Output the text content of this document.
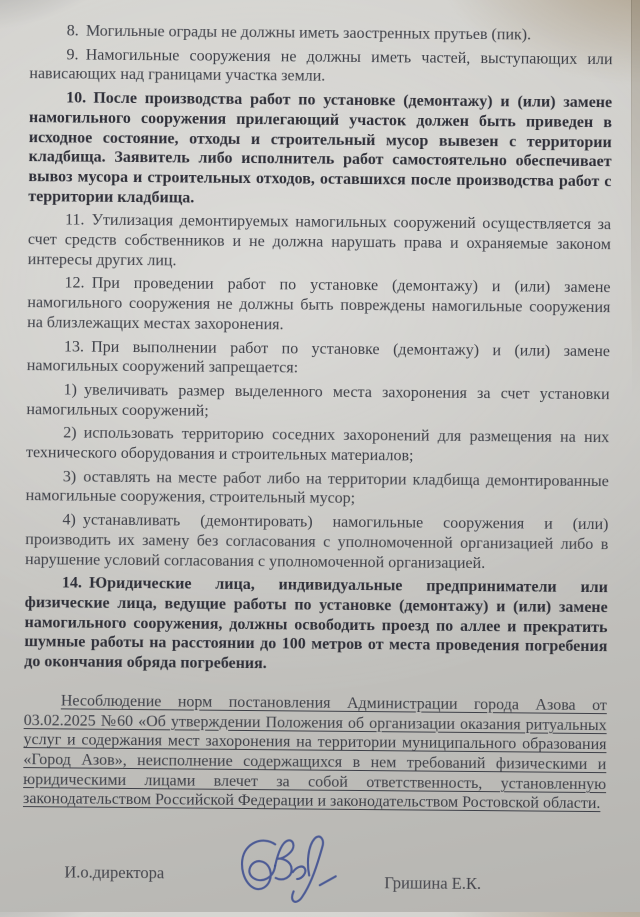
8. Могильные ограды не должны иметь заостренных прутьев (пик).

9. Намогильные сооружения не должны иметь частей, выступающих или нависающих над границами участка земли.

10. После производства работ по установке (демонтажу) и (или) замене намогильного сооружения прилегающий участок должен быть приведен в исходное состояние, отходы и строительный мусор вывезен с территории кладбища. Заявитель либо исполнитель работ самостоятельно обеспечивает вывоз мусора и строительных отходов, оставшихся после производства работ с территории кладбища.

11. Утилизация демонтируемых намогильных сооружений осуществляется за счет средств собственников и не должна нарушать права и охраняемые законом интересы других лиц.

12. При проведении работ по установке (демонтажу) и (или) замене намогильного сооружения не должны быть повреждены намогильные сооружения на близлежащих местах захоронения.

13. При выполнении работ по установке (демонтажу) и (или) замене намогильных сооружений запрещается:

1) увеличивать размер выделенного места захоронения за счет установки намогильных сооружений;

2) использовать территорию соседних захоронений для размещения на них технического оборудования и строительных материалов;

3) оставлять на месте работ либо на территории кладбища демонтированные намогильные сооружения, строительный мусор;

4) устанавливать (демонтировать) намогильные сооружения и (или) производить их замену без согласования с уполномоченной организацией либо в нарушение условий согласования с уполномоченной организацией.

14. Юридические лица, индивидуальные предприниматели или физические лица, ведущие работы по установке (демонтажу) и (или) замене намогильного сооружения, должны освободить проезд по аллее и прекратить шумные работы на расстоянии до 100 метров от места проведения погребения до окончания обряда погребения.

Несоблюдение норм постановления Администрации города Азова от 03.02.2025 №60 «Об утверждении Положения об организации оказания ритуальных услуг и содержания мест захоронения на территории муниципального образования «Город Азов», неисполнение содержащихся в нем требований физическими и юридическими лицами влечет за собой ответственность, установленную законодательством Российской Федерации и законодательством Ростовской области.

И.о.директора
Гришина Е.К.
